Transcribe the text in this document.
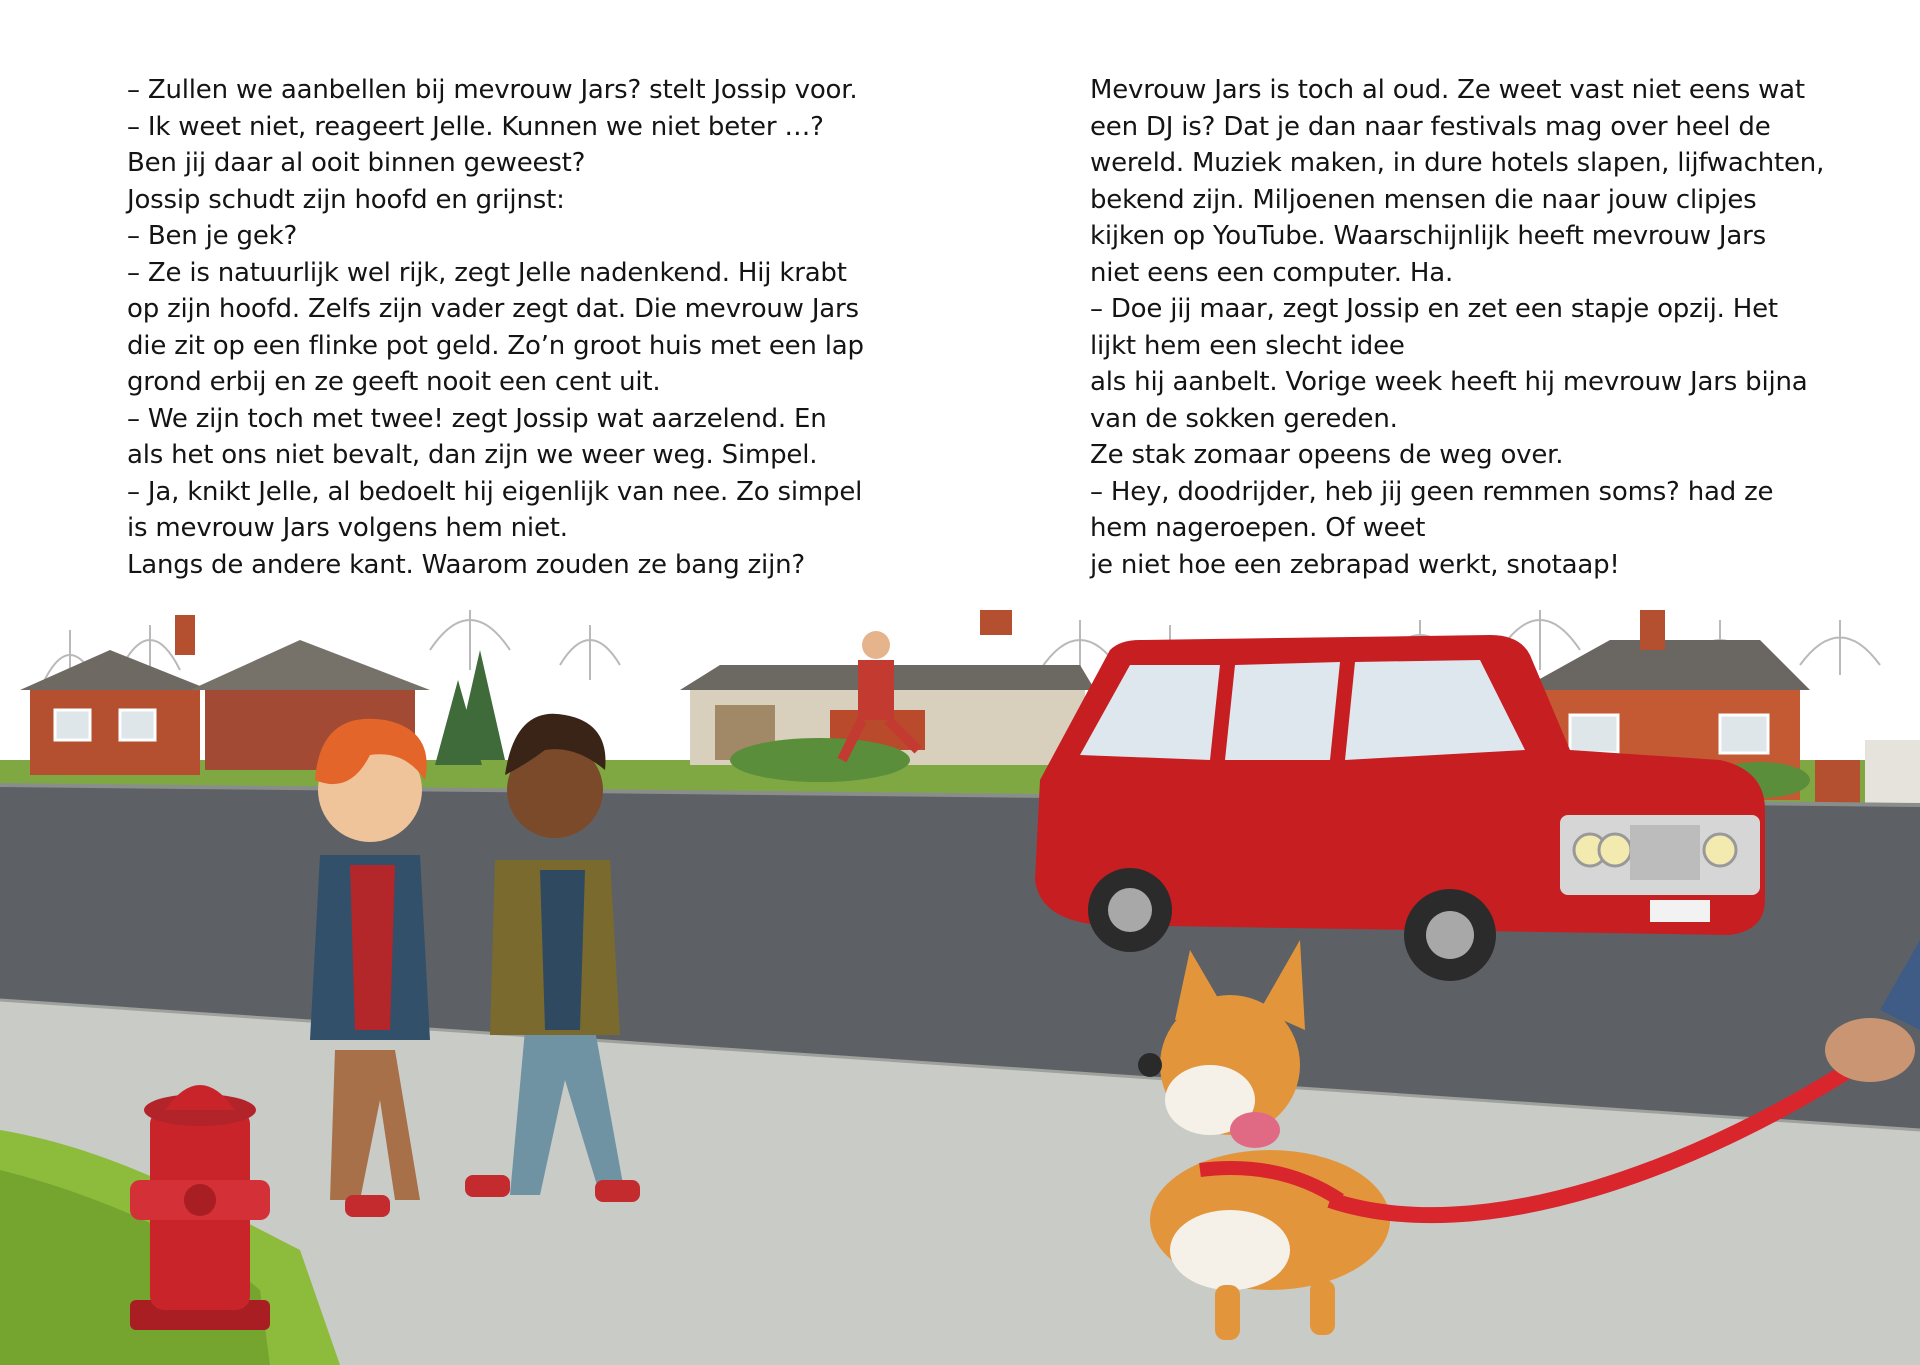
– Zullen we aanbellen bij mevrouw Jars? stelt Jossip voor.
– Ik weet niet, reageert Jelle. Kunnen we niet beter …?
Ben jij daar al ooit binnen geweest?
Jossip schudt zijn hoofd en grijnst:
– Ben je gek?
– Ze is natuurlijk wel rijk, zegt Jelle nadenkend. Hij krabt
op zijn hoofd. Zelfs zijn vader zegt dat. Die mevrouw Jars
die zit op een flinke pot geld. Zo’n groot huis met een lap
grond erbij en ze geeft nooit een cent uit.
– We zijn toch met twee! zegt Jossip wat aarzelend. En
als het ons niet bevalt, dan zijn we weer weg. Simpel.
– Ja, knikt Jelle, al bedoelt hij eigenlijk van nee. Zo simpel
is mevrouw Jars volgens hem niet.
Langs de andere kant. Waarom zouden ze bang zijn?
Mevrouw Jars is toch al oud. Ze weet vast niet eens wat
een DJ is? Dat je dan naar festivals mag over heel de
wereld. Muziek maken, in dure hotels slapen, lijfwachten,
bekend zijn. Miljoenen mensen die naar jouw clipjes
kijken op YouTube. Waarschijnlijk heeft mevrouw Jars
niet eens een computer. Ha.
– Doe jij maar, zegt Jossip en zet een stapje opzij. Het
lijkt hem een slecht idee
als hij aanbelt. Vorige week heeft hij mevrouw Jars bijna
van de sokken gereden.
Ze stak zomaar opeens de weg over.
– Hey, doodrijder, heb jij geen remmen soms? had ze
hem nageroepen. Of weet
je niet hoe een zebrapad werkt, snotaap!
